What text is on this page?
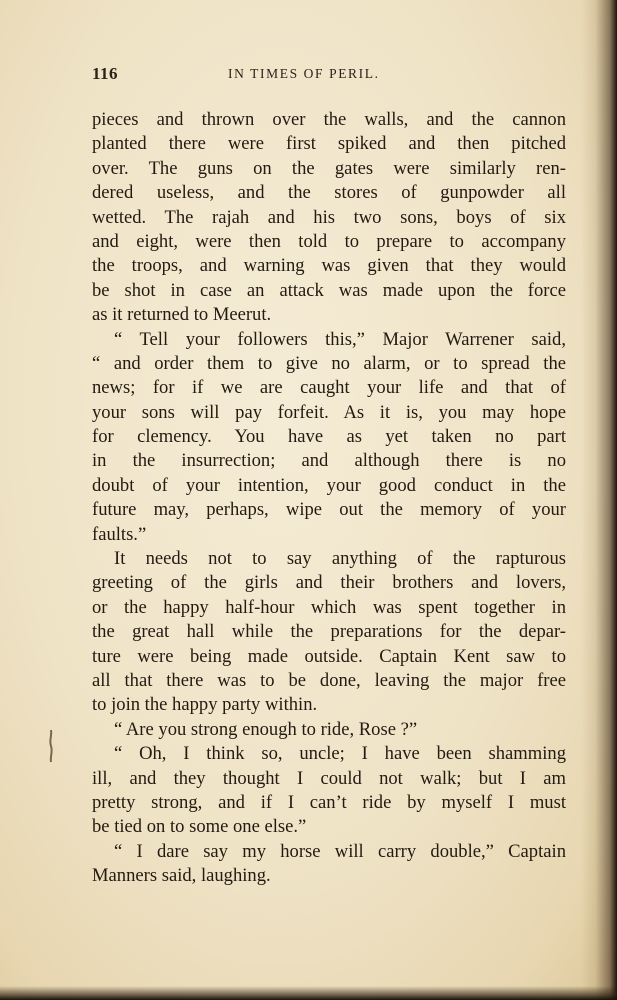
116	IN TIMES OF PERIL.
pieces and thrown over the walls, and the cannon
planted there were first spiked and then pitched
over. The guns on the gates were similarly ren-
dered useless, and the stores of gunpowder all
wetted. The rajah and his two sons, boys of six
and eight, were then told to prepare to accompany
the troops, and warning was given that they would
be shot in case an attack was made upon the force
as it returned to Meerut.
“ Tell your followers this,” Major Warrener said,
“ and order them to give no alarm, or to spread the
news; for if we are caught your life and that of
your sons will pay forfeit. As it is, you may hope
for clemency. You have as yet taken no part
in the insurrection; and although there is no
doubt of your intention, your good conduct in the
future may, perhaps, wipe out the memory of your
faults.”
It needs not to say anything of the rapturous
greeting of the girls and their brothers and lovers,
or the happy half-hour which was spent together in
the great hall while the preparations for the depar-
ture were being made outside. Captain Kent saw to
all that there was to be done, leaving the major free
to join the happy party within.
“ Are you strong enough to ride, Rose ?”
“ Oh, I think so, uncle; I have been shamming
ill, and they thought I could not walk; but I am
pretty strong, and if I can’t ride by myself I must
be tied on to some one else.”
“ I dare say my horse will carry double,” Captain
Manners said, laughing.
